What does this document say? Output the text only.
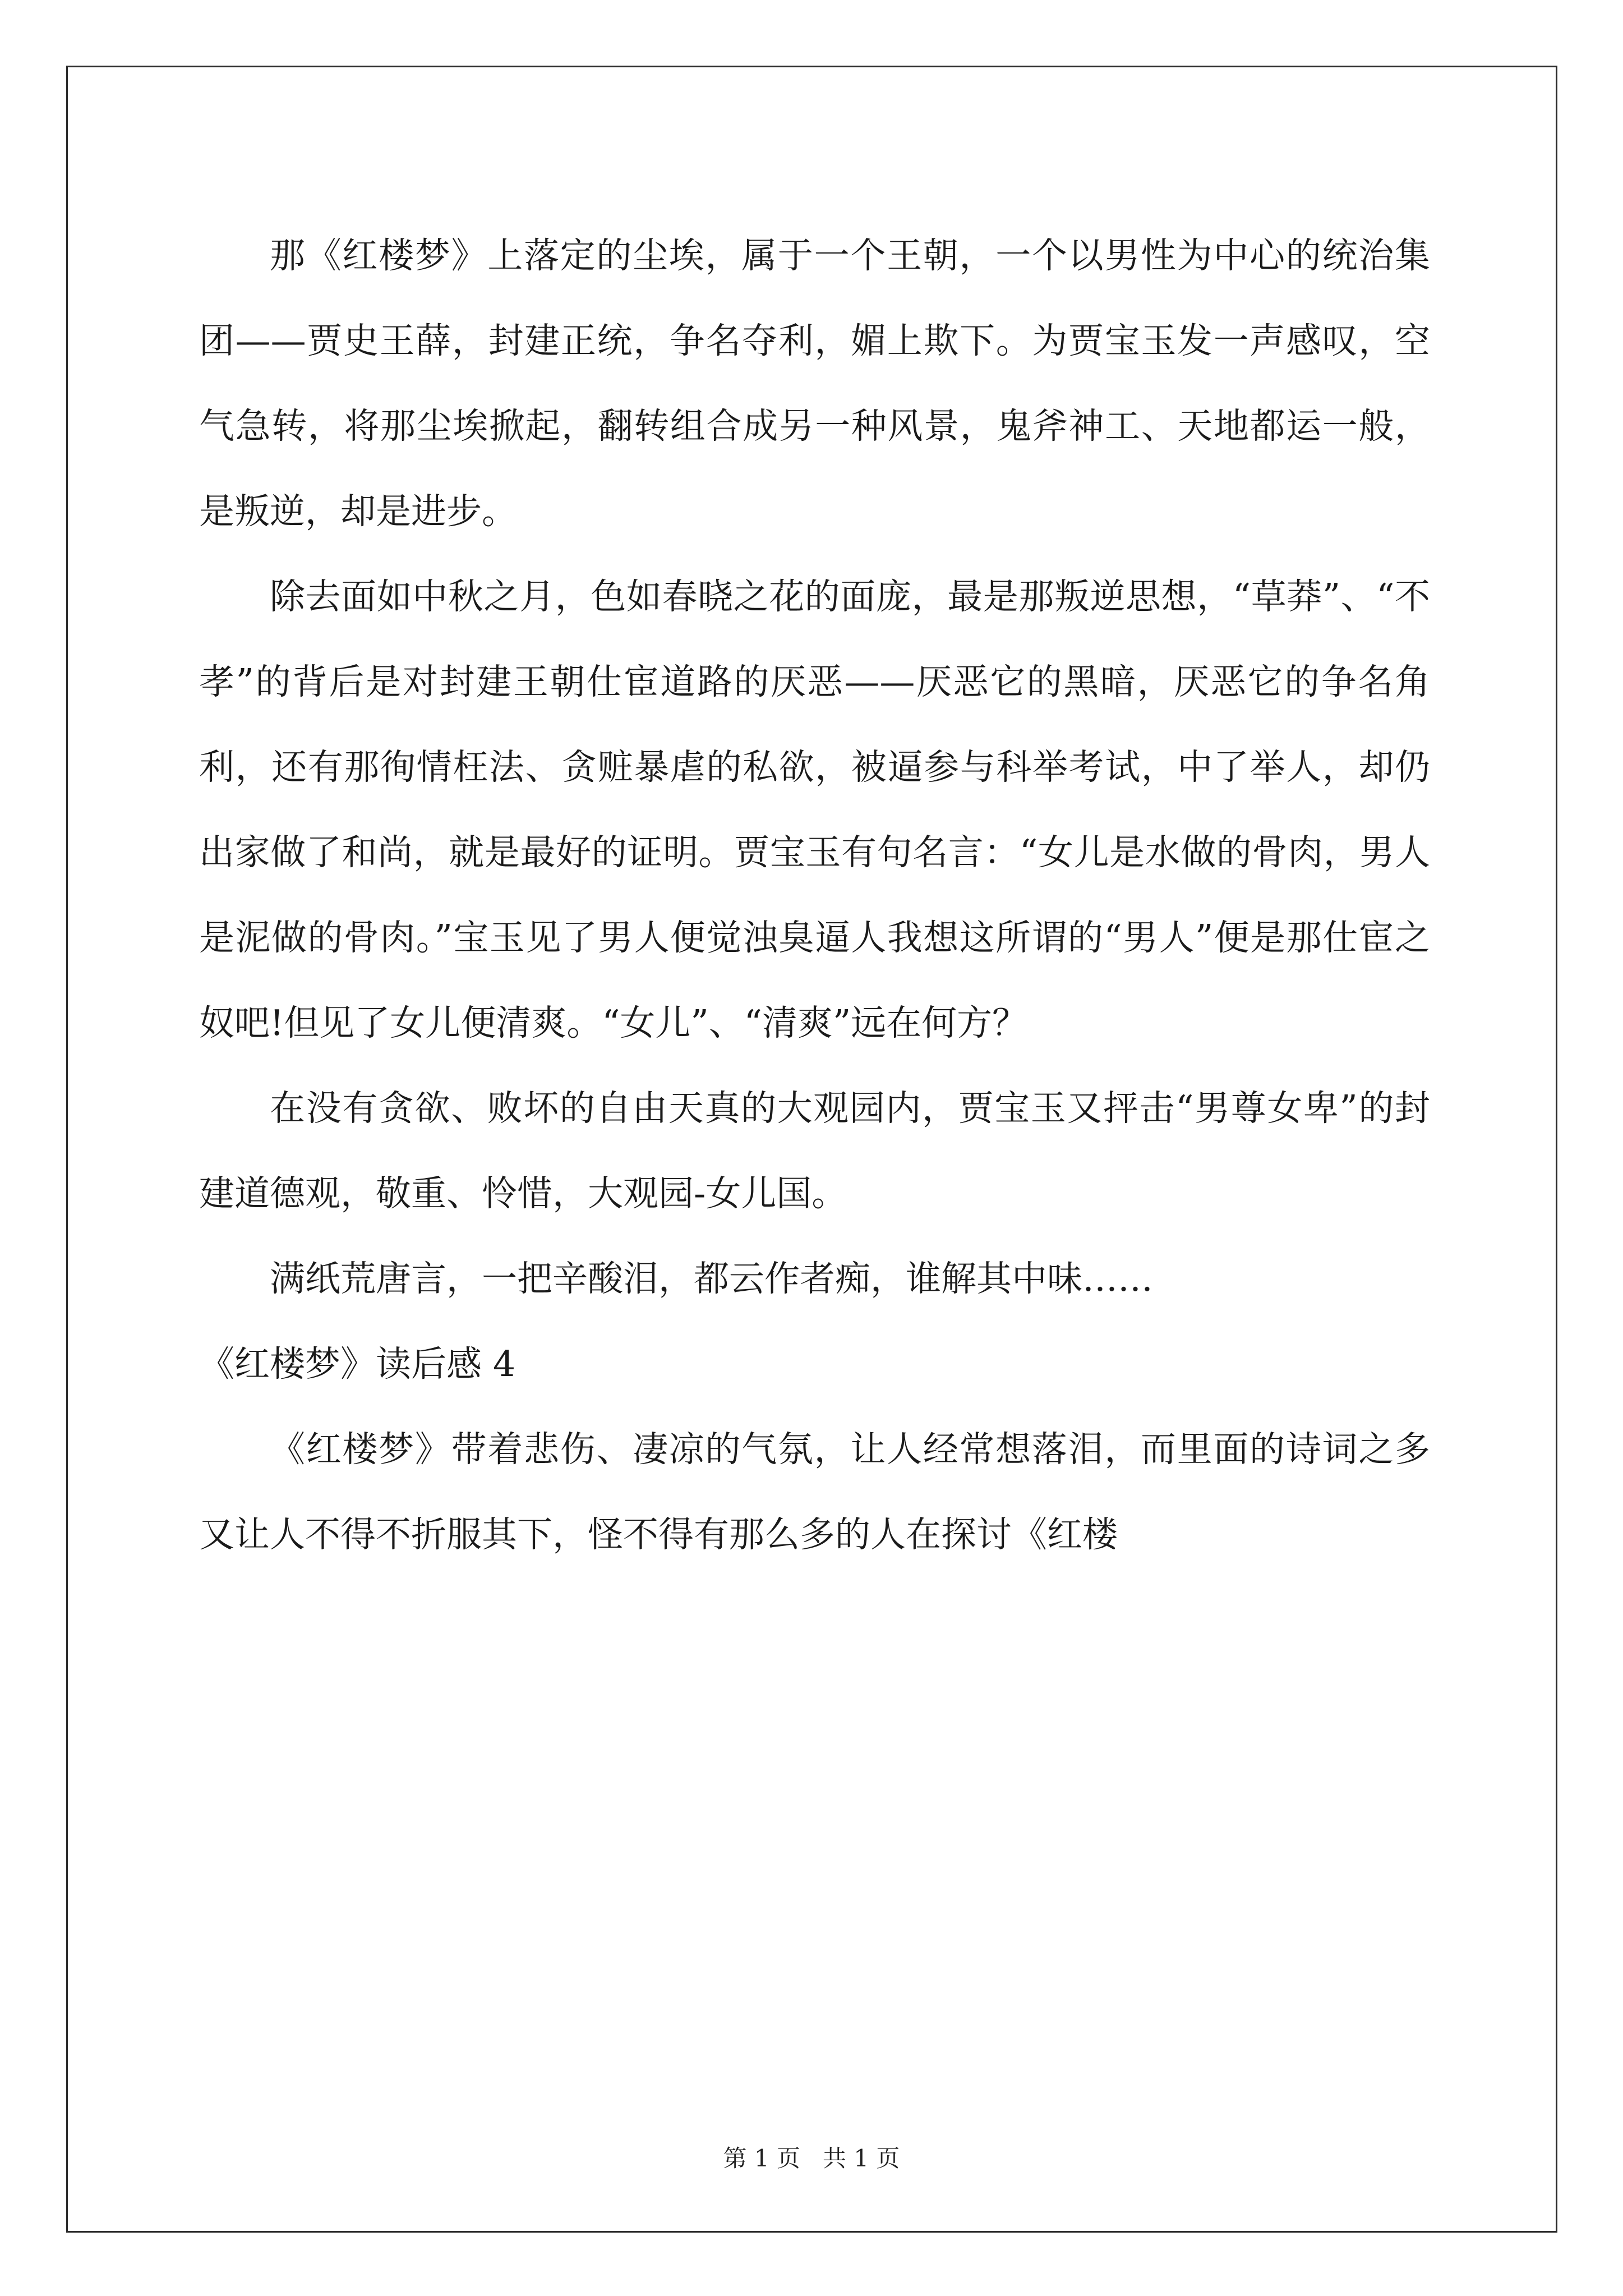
那《红楼梦》上落定的尘埃，属于一个王朝，一个以男性为中心的统治集团——贾史王薛，封建正统，争名夺利，媚上欺下。为贾宝玉发一声感叹，空气急转，将那尘埃掀起，翻转组合成另一种风景，鬼斧神工、天地都运一般，是叛逆，却是进步。

除去面如中秋之月，色如春晓之花的面庞，最是那叛逆思想，“草莽”、“不孝”的背后是对封建王朝仕宦道路的厌恶——厌恶它的黑暗，厌恶它的争名角利，还有那徇情枉法、贪赃暴虐的私欲，被逼参与科举考试，中了举人，却仍出家做了和尚，就是最好的证明。贾宝玉有句名言：“女儿是水做的骨肉，男人是泥做的骨肉。”宝玉见了男人便觉浊臭逼人我想这所谓的“男人”便是那仕宦之奴吧!但见了女儿便清爽。“女儿”、“清爽”远在何方？

在没有贪欲、败坏的自由天真的大观园内，贾宝玉又抨击“男尊女卑”的封建道德观，敬重、怜惜，大观园-女儿国。

满纸荒唐言，一把辛酸泪，都云作者痴，谁解其中味……

《红楼梦》读后感 4

《红楼梦》带着悲伤、凄凉的气氛，让人经常想落泪，而里面的诗词之多又让人不得不折服其下，怪不得有那么多的人在探讨《红楼

第 1 页 共 1 页
